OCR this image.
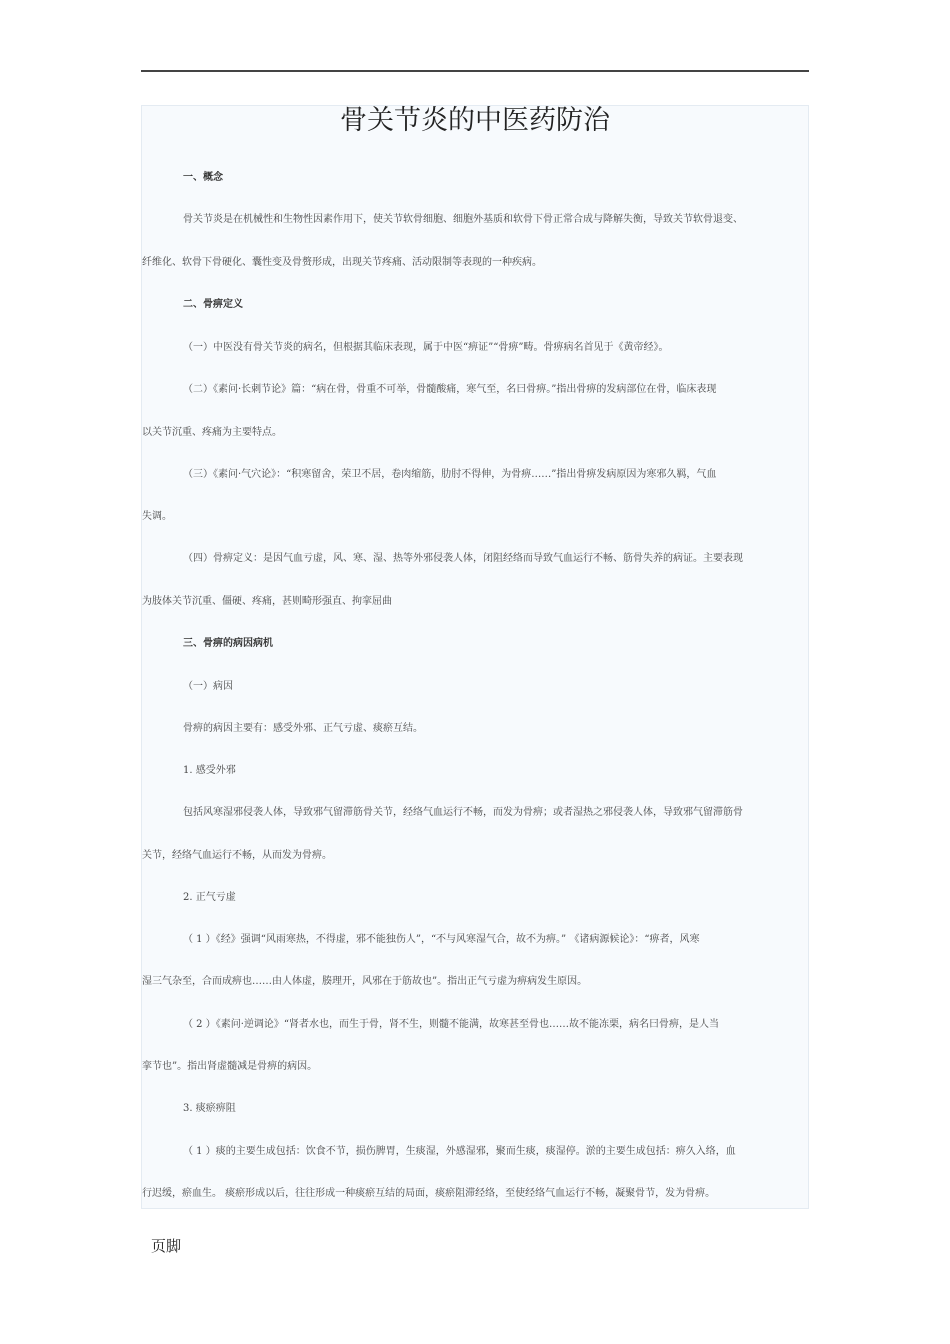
骨关节炎的中医药防治
一、概念
骨关节炎是在机械性和生物性因素作用下，使关节软骨细胞、细胞外基质和软骨下骨正常合成与降解失衡，导致关节软骨退变、
纤维化、软骨下骨硬化、囊性变及骨赘形成，出现关节疼痛、活动限制等表现的一种疾病。
二、骨痹定义
（一）中医没有骨关节炎的病名，但根据其临床表现，属于中医“痹证”“骨痹”畴。骨痹病名首见于《黄帝经》。
（二）《素问·长刺节论》篇：“病在骨，骨重不可举，骨髓酸痛，寒气至，名曰骨痹。”指出骨痹的发病部位在骨，临床表现
以关节沉重、疼痛为主要特点。
（三）《素问·气穴论》：“积寒留舍，荣卫不居，卷肉缩筋，肋肘不得伸，为骨痹……”指出骨痹发病原因为寒邪久羁，气血
失调。
（四）骨痹定义：是因气血亏虚，风、寒、湿、热等外邪侵袭人体，闭阻经络而导致气血运行不畅、筋骨失养的病证。主要表现
为肢体关节沉重、僵硬、疼痛，甚则畸形强直、拘挛屈曲
三、骨痹的病因病机
（一）病因
骨痹的病因主要有：感受外邪、正气亏虚、痰瘀互结。
1. 感受外邪
包括风寒湿邪侵袭人体，导致邪气留滞筋骨关节，经络气血运行不畅，而发为骨痹；或者湿热之邪侵袭人体，导致邪气留滞筋骨
关节，经络气血运行不畅，从而发为骨痹。
2. 正气亏虚
（ 1 ）《经》强调“风雨寒热，不得虚，邪不能独伤人”，“不与风寒湿气合，故不为痹。” 《诸病源候论》：“痹者，风寒
湿三气杂至，合而成痹也……由人体虚，腠理开，风邪在于筋故也”。指出正气亏虚为痹病发生原因。
（ 2 ）《素问·逆调论》“肾者水也，而生于骨，肾不生，则髓不能满，故寒甚至骨也……故不能冻栗，病名曰骨痹，是人当
挛节也”。指出肾虚髓减是骨痹的病因。
3. 痰瘀痹阻
（ 1 ）痰的主要生成包括：饮食不节，损伤脾胃，生痰湿，外感湿邪，聚而生痰，痰湿停。淤的主要生成包括：痹久入络，血
行迟缓，瘀血生。 痰瘀形成以后，往往形成一种痰瘀互结的局面，痰瘀阻滞经络，至使经络气血运行不畅，凝聚骨节，发为骨痹。
页脚
